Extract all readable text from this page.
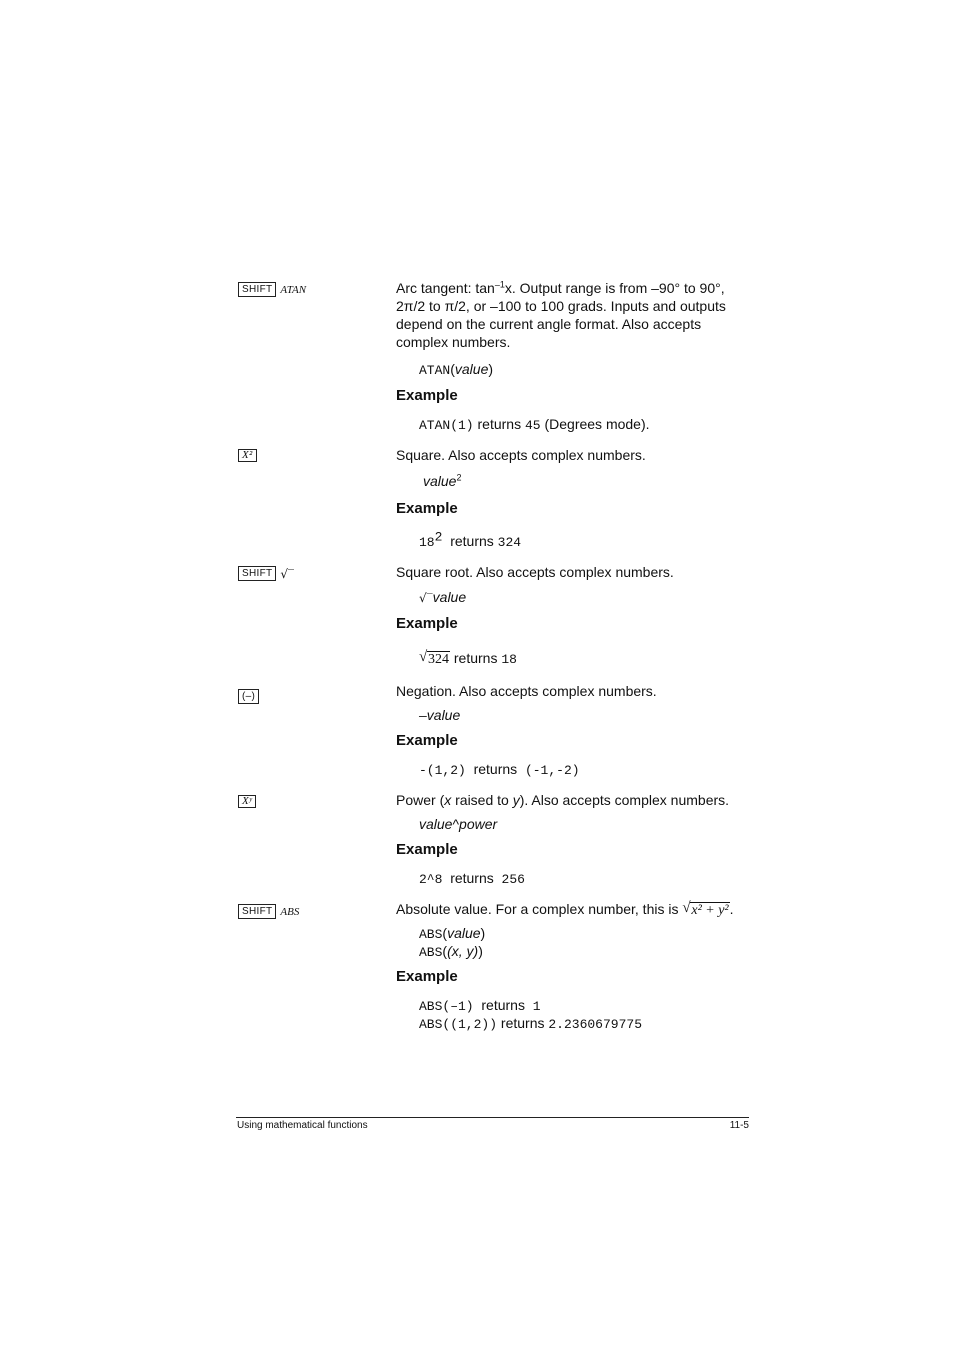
SHIFT ATAN	Arc tangent: $\tan^{-1}x$. Output range is from –90° to 90°, 2π/2 to π/2, or –100 to 100 grads. Inputs and outputs depend on the current angle format. Also accepts complex numbers.
ATAN(value)
Example
ATAN(1) returns 45 (Degrees mode).
X²	Square. Also accepts complex numbers.
value$^2$
Example
$18^2$ returns 324
SHIFT √‾	Square root. Also accepts complex numbers.
√‾value
Example
√ 324 returns 18
(–)	Negation. Also accepts complex numbers.
–value
Example
-(1,2) returns (-1,-2)
Xʸ	Power (x raised to y). Also accepts complex numbers.
value^power
Example
2^8 returns 256
SHIFT ABS	Absolute value. For a complex number, this is √ x² + y².
ABS(value)
ABS((x, y))
Example
ABS(–1) returns 1
ABS((1,2)) returns 2.2360679775
Using mathematical functions	11-5
